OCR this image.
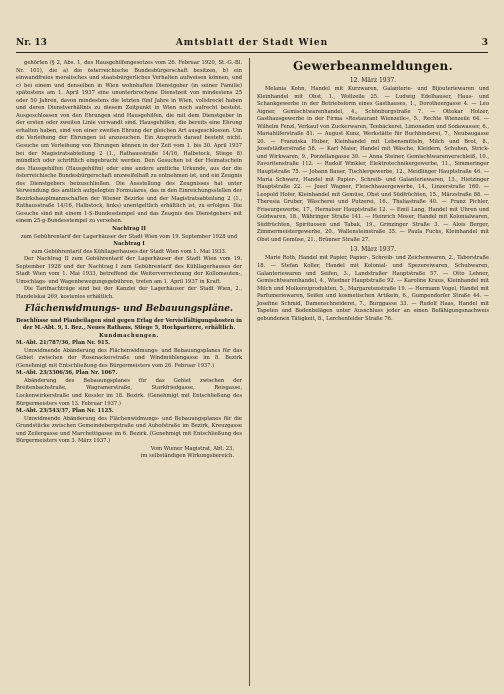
Nr. 13	Amtsblatt der Stadt Wien	3

gehörten (§ 2, Abs. 1, des Hausgehilfengesetzes vom 26. Februar 1920, St.-G.-Bl. Nr. 101), die a) die österreichische Bundesbürgerschaft besitzen, b) ein einwandfreies moralisches und staatsbürgerliches Verhalten aufweisen können, und c) bei einem und denselben in Wien wohnhaften Dienstgeber (in seiner Familie) spätestens am 1. April 1937 eine ununterbrochene Dienstzeit von mindestens 25 oder 50 Jahren, davon mindestens die letzten fünf Jahre in Wien, vollstreckt haben und deren Dienstverhältnis zu diesem Zeitpunkt in Wien noch aufrecht besteht. Ausgeschlossen von den Ehrungen sind Hausgehilfen, die mit dem Dienstgeber in der ersten oder zweiten Linie verwandt sind. Hausgehilfen, die bereits eine Ehrung erhalten haben, sind von einer zweiten Ehrung der gleichen Art ausgeschlossen. Um die Verleihung der Ehrungen ist anzusuchen. Ein Anspruch darauf besteht nicht. Gesuche um Verleihung von Ehrungen können in der Zeit vom 1. bis 30. April 1937 bei der Magistratsabteilung 2 (1., Rathausstraße 14/16, Halbstock, Stiege 8) mündlich oder schriftlich eingebracht werden. Den Gesuchen ist der Heimatschein des Hausgehilfen (Hausgehilfin) oder eine andere amtliche Urkunde, aus der die österreichische Bundesbürgerschaft unzweifelhaft zu entnehmen ist, und ein Zeugnis des Dienstgebers beizuschließen. Die Ausstellung des Zeugnisses hat unter Verwendung des amtlich aufgelegten Formulares, das in den Einreichungsstellen der Bezirkshauptmannschaften der Wiener Bezirke und der Magistratsabteilung 2 (1., Rathausstraße 14/16, Halbstock, links) unentgeltlich erhältlich ist, zu erfolgen. Die Gesuche sind mit einem 1-S-Bundesstempel und das Zeugnis des Dienstgebers mit einem 25-g-Bundesstempel zu versehen.

Nachtrag II

zum Gebührentarif der Lagerhäuser der Stadt Wien vom 19. September 1928 und

Nachtrag I

zum Gebührentarif des Kühllagerhauses der Stadt Wien vom 1. Mai 1933.

Der Nachtrag II zum Gebührentarif der Lagerhäuser der Stadt Wien vom 19. September 1928 und der Nachtrag I zum Gebührentarif des Kühllagerhauses der Stadt Wien vom 1. Mai 1933, betreffend die Weiterverrechnung der Kollomauten-, Umschlags- und Wagenbewegungsgebühren, treten am 1. April 1937 in Kraft.

Die Tarifnachträge sind bei der Kanzlei der Lagerhäuser der Stadt Wien, 2., Handelskai 269, kostenlos erhältlich.

Flächenwidmungs- und Bebauungspläne.

Beschlüsse und Planbeilagen sind gegen Erlag der Vervielfältigungskosten in der M.-Abt. 9, I. Bez., Neues Rathaus, Stiege 5, Hochparterre, erhältlich.

Kundmachungen.

M.-Abt. 21/787/36, Plan Nr. 915.

Umwidmende Abänderung des Flächenwidmungs- und Bebauungsplanes für das Gebiet zwischen der Rosenackerstraße und Windmühlengasse im 8. Bezirk (Genehmigt mit Entschließung des Bürgermeisters vom 26. Februar 1937.)

M.-Abt. 23/3306/36, Plan Nr. 1067.

Abänderung des Bebauungsplanes für das Gebiet zwischen der Breitenbachstraße, Wagramerstraße, Starkfriedgasse, Reisgasse, Lockenwirkerstraße und Kessler im 18. Bezirk. (Genehmigt mit Entschließung des Bürgermeisters vom 13. Februar 1937.)

M.-Abt. 23/543/37, Plan Nr. 1125.

Umwidmende Abänderung des Flächenwidmungs- und Bebauungsplanes für die Grundstücke zwischen Gemeindebergstraße und Auhofstraße im Bezirk, Kreuzgasse und Zeilergasse und Marchettigasse im 6. Bezirk. (Genehmigt mit Entschließung des Bürgermeisters vom 3. März 1937.)

Vom Wiener Magistrat, Abt. 23,

im selbständigen Wirkungsbereich.

Gewerbeanmeldungen.
12. März 1937.

Melania Kohn, Handel mit Kurzwaren, Galanterie- und Bijouteriewaren und Kleinhandel mit Obst, 1., Wollzeile 25. — Ludwig Edelhauser, Haus- und Schankgewerbe in der Betriebsform eines Gasthauses, 1., Dorotheergasse 4. — Leo Aigner, Gemischtwarenhandel, 4., Schönburgstraße 7. — Ottokar Holzer, Gasthausgewerbe in der Firma »Restaurant Wienzeile«, 5., Rechte Wienzeile 64. — Wilhelm Fenzl, Verkauf von Zuckerwaren, Teebäckerei, Limonaden und Sodawasser, 6., Mariahilferstraße 81. — August Kunz, Werkstätte für Buchbinderei, 7., Neubaugasse 20. — Franziska Huber, Kleinhandel mit Lebensmitteln, Milch und Brot, 8., Josefstädterstraße 58. — Karl Maier, Handel mit Wäsche, Kleidern, Schuhen, Strick- und Wirkwaren, 9., Porzellangasse 30. — Anna Steiner, Gemischtwarenverschleiß, 10., Favoritenstraße 112. — Rudolf Winkler, Elektrotechnikergewerbe, 11., Simmeringer Hauptstraße 75. — Johann Bauer, Tischlergewerbe, 12., Meidlinger Hauptstraße 46. — Maria Schwarz, Handel mit Papier-, Schreib- und Galanteriewaren, 13., Hietzinger Hauptstraße 22. — Josef Wagner, Fleischhauergewerbe, 14., Linzerstraße 160. — Leopold Hofer, Kleinhandel mit Gemüse, Obst und Südfrüchten, 15., Märzstraße 88. — Theresia Gruber, Wäscherei und Putzerei, 16., Thaliastraße 40. — Franz Pichler, Friseurgewerbe, 17., Hernalser Hauptstraße 12. — Emil Lang, Handel mit Uhren und Goldwaren, 18., Währinger Straße 141. — Heinrich Moser, Handel mit Kolonialwaren, Südfrüchten, Spirituosen und Tabak, 19., Grinzinger Straße 3. — Alois Berger, Zimmermeistergewerbe, 20., Wallensteinstraße 35. — Paula Fuchs, Kleinhandel mit Obst und Gemüse, 21., Brünner Straße 27.

13. März 1937.

Marie Roth, Handel mit Papier, Papier-, Schreib- und Zeichenwaren, 2., Taborstraße 18. — Stefan Koller, Handel mit Kolonial- und Spezereiwaren, Schuhwaren, Galanteriewaren und Seifen, 3., Landstraßer Hauptstraße 57. — Otto Lehner, Gemischtwarenhandel, 4., Wiedner Hauptstraße 92. — Karoline Kraus, Kleinhandel mit Milch und Molkereiprodukten, 5., Margaretenstraße 19. — Hermann Vogel, Handel mit Parfumeriewaren, Seifen und kosmetischen Artikeln, 6., Gumpendorfer Straße 44. — Josefine Schmid, Damenschneiderei, 7., Burggasse 33. — Rudolf Haas, Handel mit Tapeten und Bodenbelägen unter Ausschluss jeder an einen Befähigungsnachweis gebundenen Tätigkeit, 8., Lerchenfelder Straße 76.
